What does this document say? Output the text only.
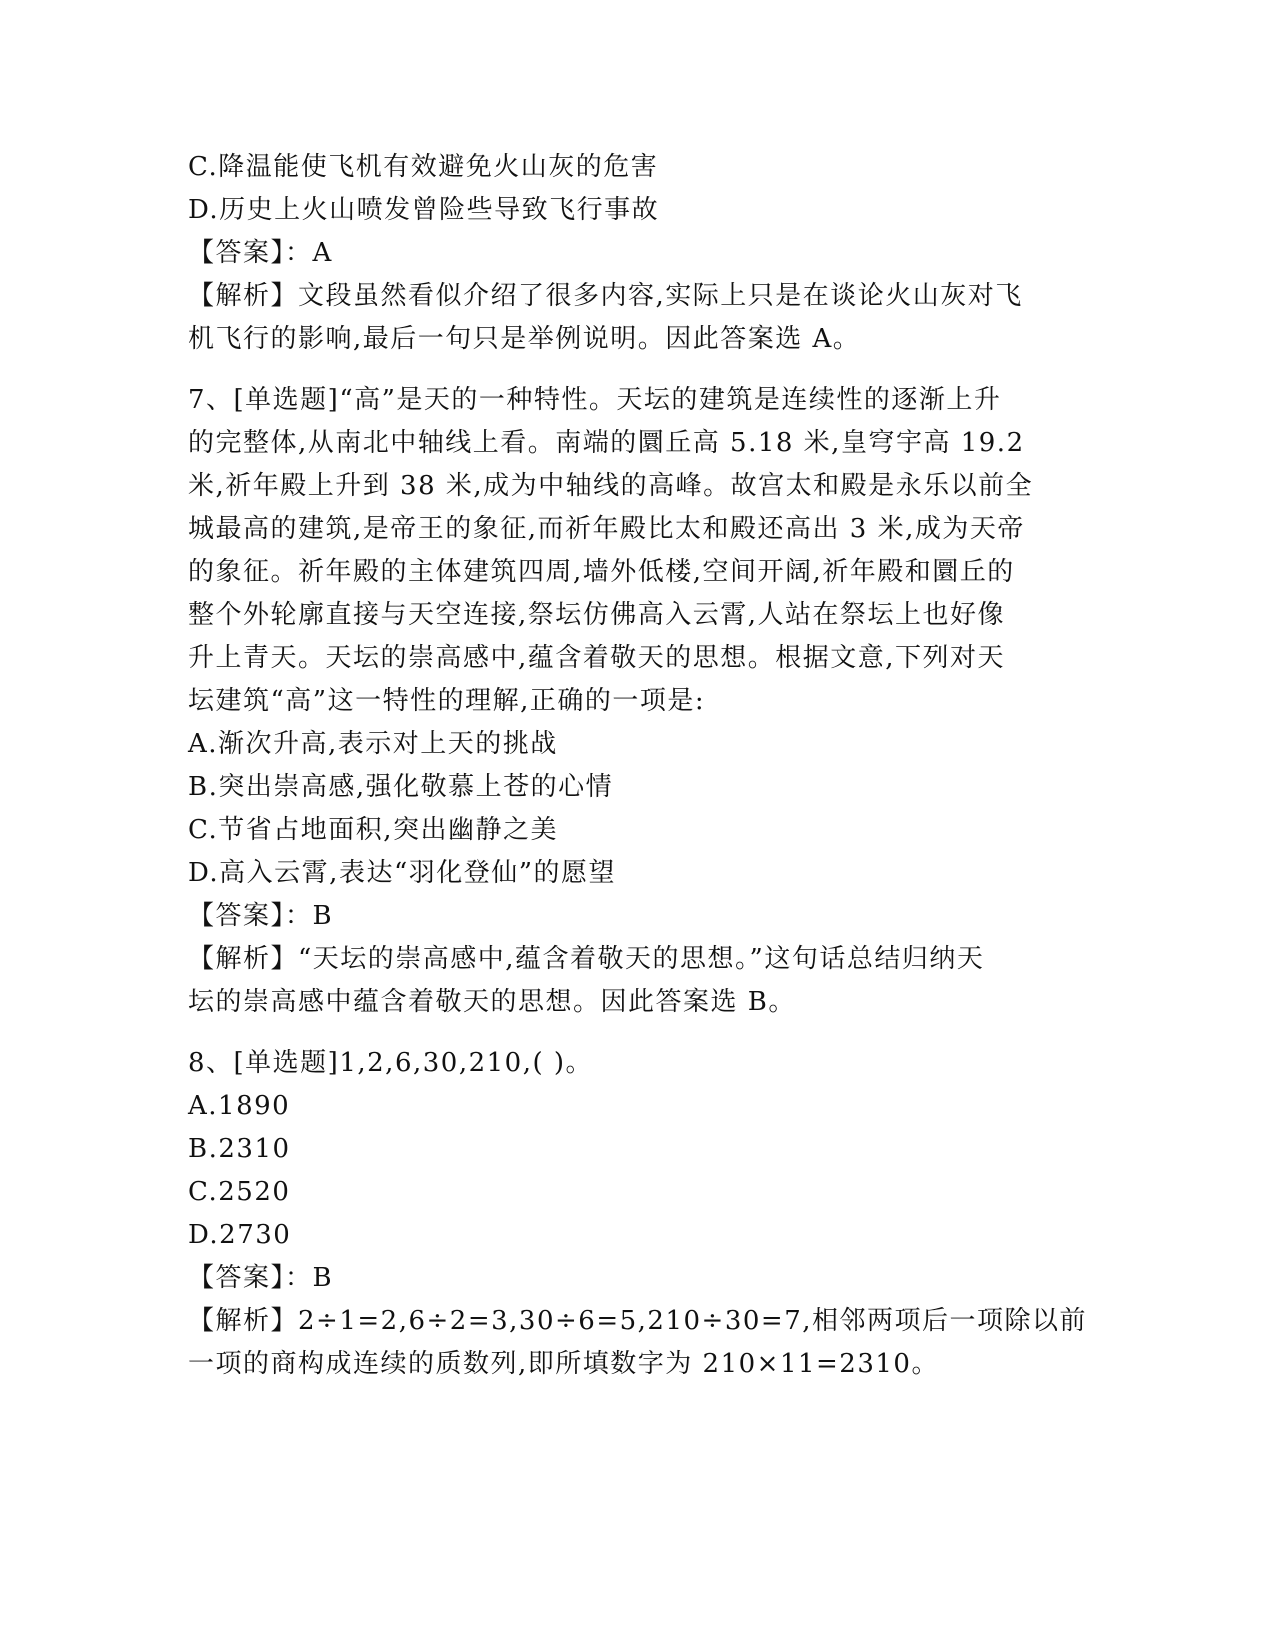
C.降温能使飞机有效避免火山灰的危害
D.历史上火山喷发曾险些导致飞行事故
【答案】：A
【解析】文段虽然看似介绍了很多内容,实际上只是在谈论火山灰对飞
机飞行的影响,最后一句只是举例说明。因此答案选 A。
7、[单选题]“高”是天的一种特性。天坛的建筑是连续性的逐渐上升
的完整体,从南北中轴线上看。南端的圜丘高 5.18 米,皇穹宇高 19.2
米,祈年殿上升到 38 米,成为中轴线的高峰。故宫太和殿是永乐以前全
城最高的建筑,是帝王的象征,而祈年殿比太和殿还高出 3 米,成为天帝
的象征。祈年殿的主体建筑四周,墙外低楼,空间开阔,祈年殿和圜丘的
整个外轮廓直接与天空连接,祭坛仿佛高入云霄,人站在祭坛上也好像
升上青天。天坛的崇高感中,蕴含着敬天的思想。根据文意,下列对天
坛建筑“高”这一特性的理解,正确的一项是:
A.渐次升高,表示对上天的挑战
B.突出崇高感,强化敬慕上苍的心情
C.节省占地面积,突出幽静之美
D.高入云霄,表达“羽化登仙”的愿望
【答案】：B
【解析】“天坛的崇高感中,蕴含着敬天的思想。”这句话总结归纳天
坛的崇高感中蕴含着敬天的思想。因此答案选 B。
8、[单选题]1,2,6,30,210,( )。
A.1890
B.2310
C.2520
D.2730
【答案】：B
【解析】2÷1=2,6÷2=3,30÷6=5,210÷30=7,相邻两项后一项除以前
一项的商构成连续的质数列,即所填数字为 210×11=2310。
